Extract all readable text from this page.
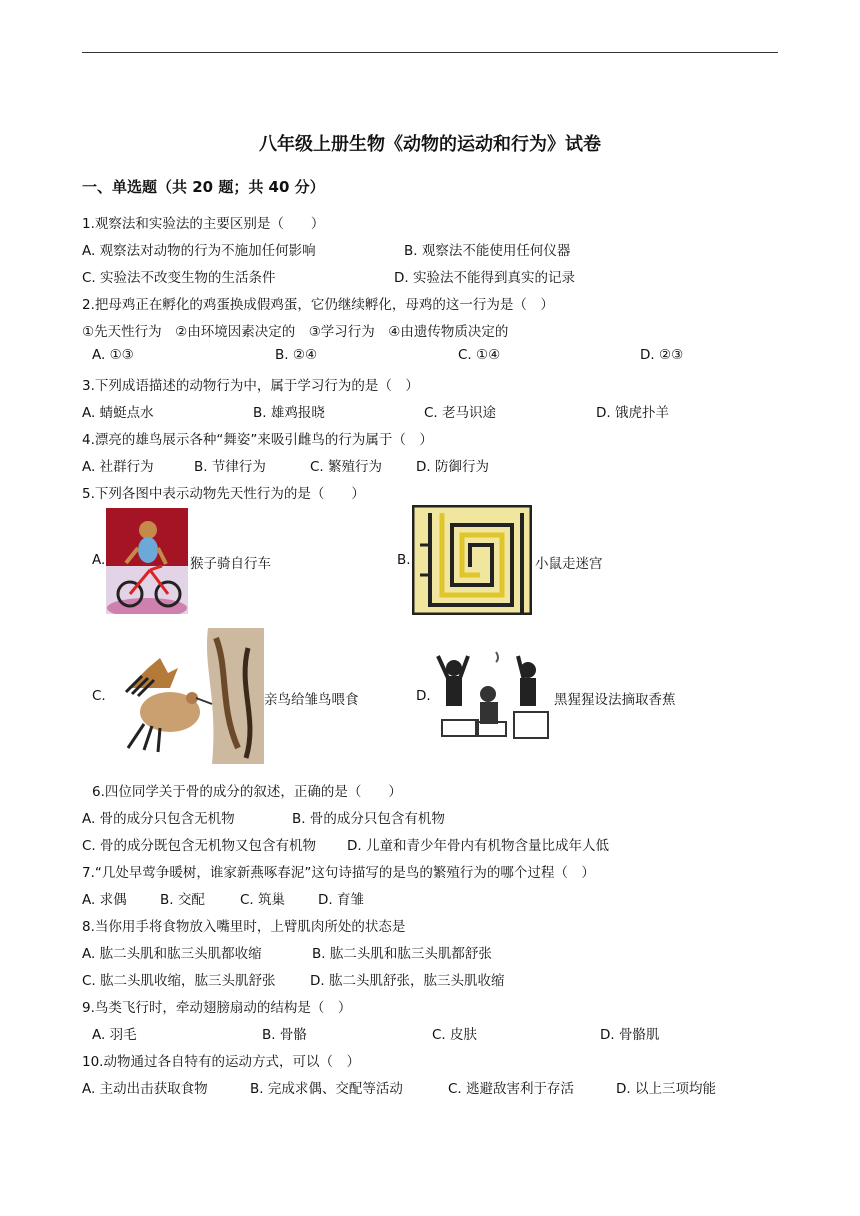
八年级上册生物《动物的运动和行为》试卷
一、单选题（共 20 题；共 40 分）
1.观察法和实验法的主要区别是（　　）
A. 观察法对动物的行为不施加任何影响	B. 观察法不能使用任何仪器
C. 实验法不改变生物的生活条件	D. 实验法不能得到真实的记录
2.把母鸡正在孵化的鸡蛋换成假鸡蛋，它仍继续孵化，母鸡的这一行为是（　）
①先天性行为　②由环境因素决定的　③学习行为　④由遗传物质决定的
A. ①③	B. ②④	C. ①④	D. ②③
3.下列成语描述的动物行为中，属于学习行为的是（　）
A. 蜻蜓点水	B. 雄鸡报晓	C. 老马识途	D. 饿虎扑羊
4.漂亮的雄鸟展示各种“舞姿”来吸引雌鸟的行为属于（　）
A. 社群行为	B. 节律行为	C. 繁殖行为	D. 防御行为
5.下列各图中表示动物先天性行为的是（　　）
A.	猴子骑自行车	B.	小鼠走迷宫
C.	亲鸟给雏鸟喂食	D.	黑猩猩设法摘取香蕉
6.四位同学关于骨的成分的叙述，正确的是（　　）
A. 骨的成分只包含无机物	B. 骨的成分只包含有机物
C. 骨的成分既包含无机物又包含有机物 D. 儿童和青少年骨内有机物含量比成年人低
7.“几处早莺争暖树，谁家新燕啄春泥”这句诗描写的是鸟的繁殖行为的哪个过程（　）
A. 求偶 B. 交配	C. 筑巢 D. 育雏
8.当你用手将食物放入嘴里时，上臂肌肉所处的状态是
A. 肱二头肌和肱三头肌都收缩	B. 肱二头肌和肱三头肌都舒张
C. 肱二头肌收缩，肱三头肌舒张	D. 肱二头肌舒张，肱三头肌收缩
9.鸟类飞行时，牵动翅膀扇动的结构是（　）
A. 羽毛	B. 骨骼	C. 皮肤	D. 骨骼肌
10.动物通过各自特有的运动方式，可以（　）
A. 主动出击获取食物	B. 完成求偶、交配等活动	C. 逃避敌害利于存活	D. 以上三项均能
